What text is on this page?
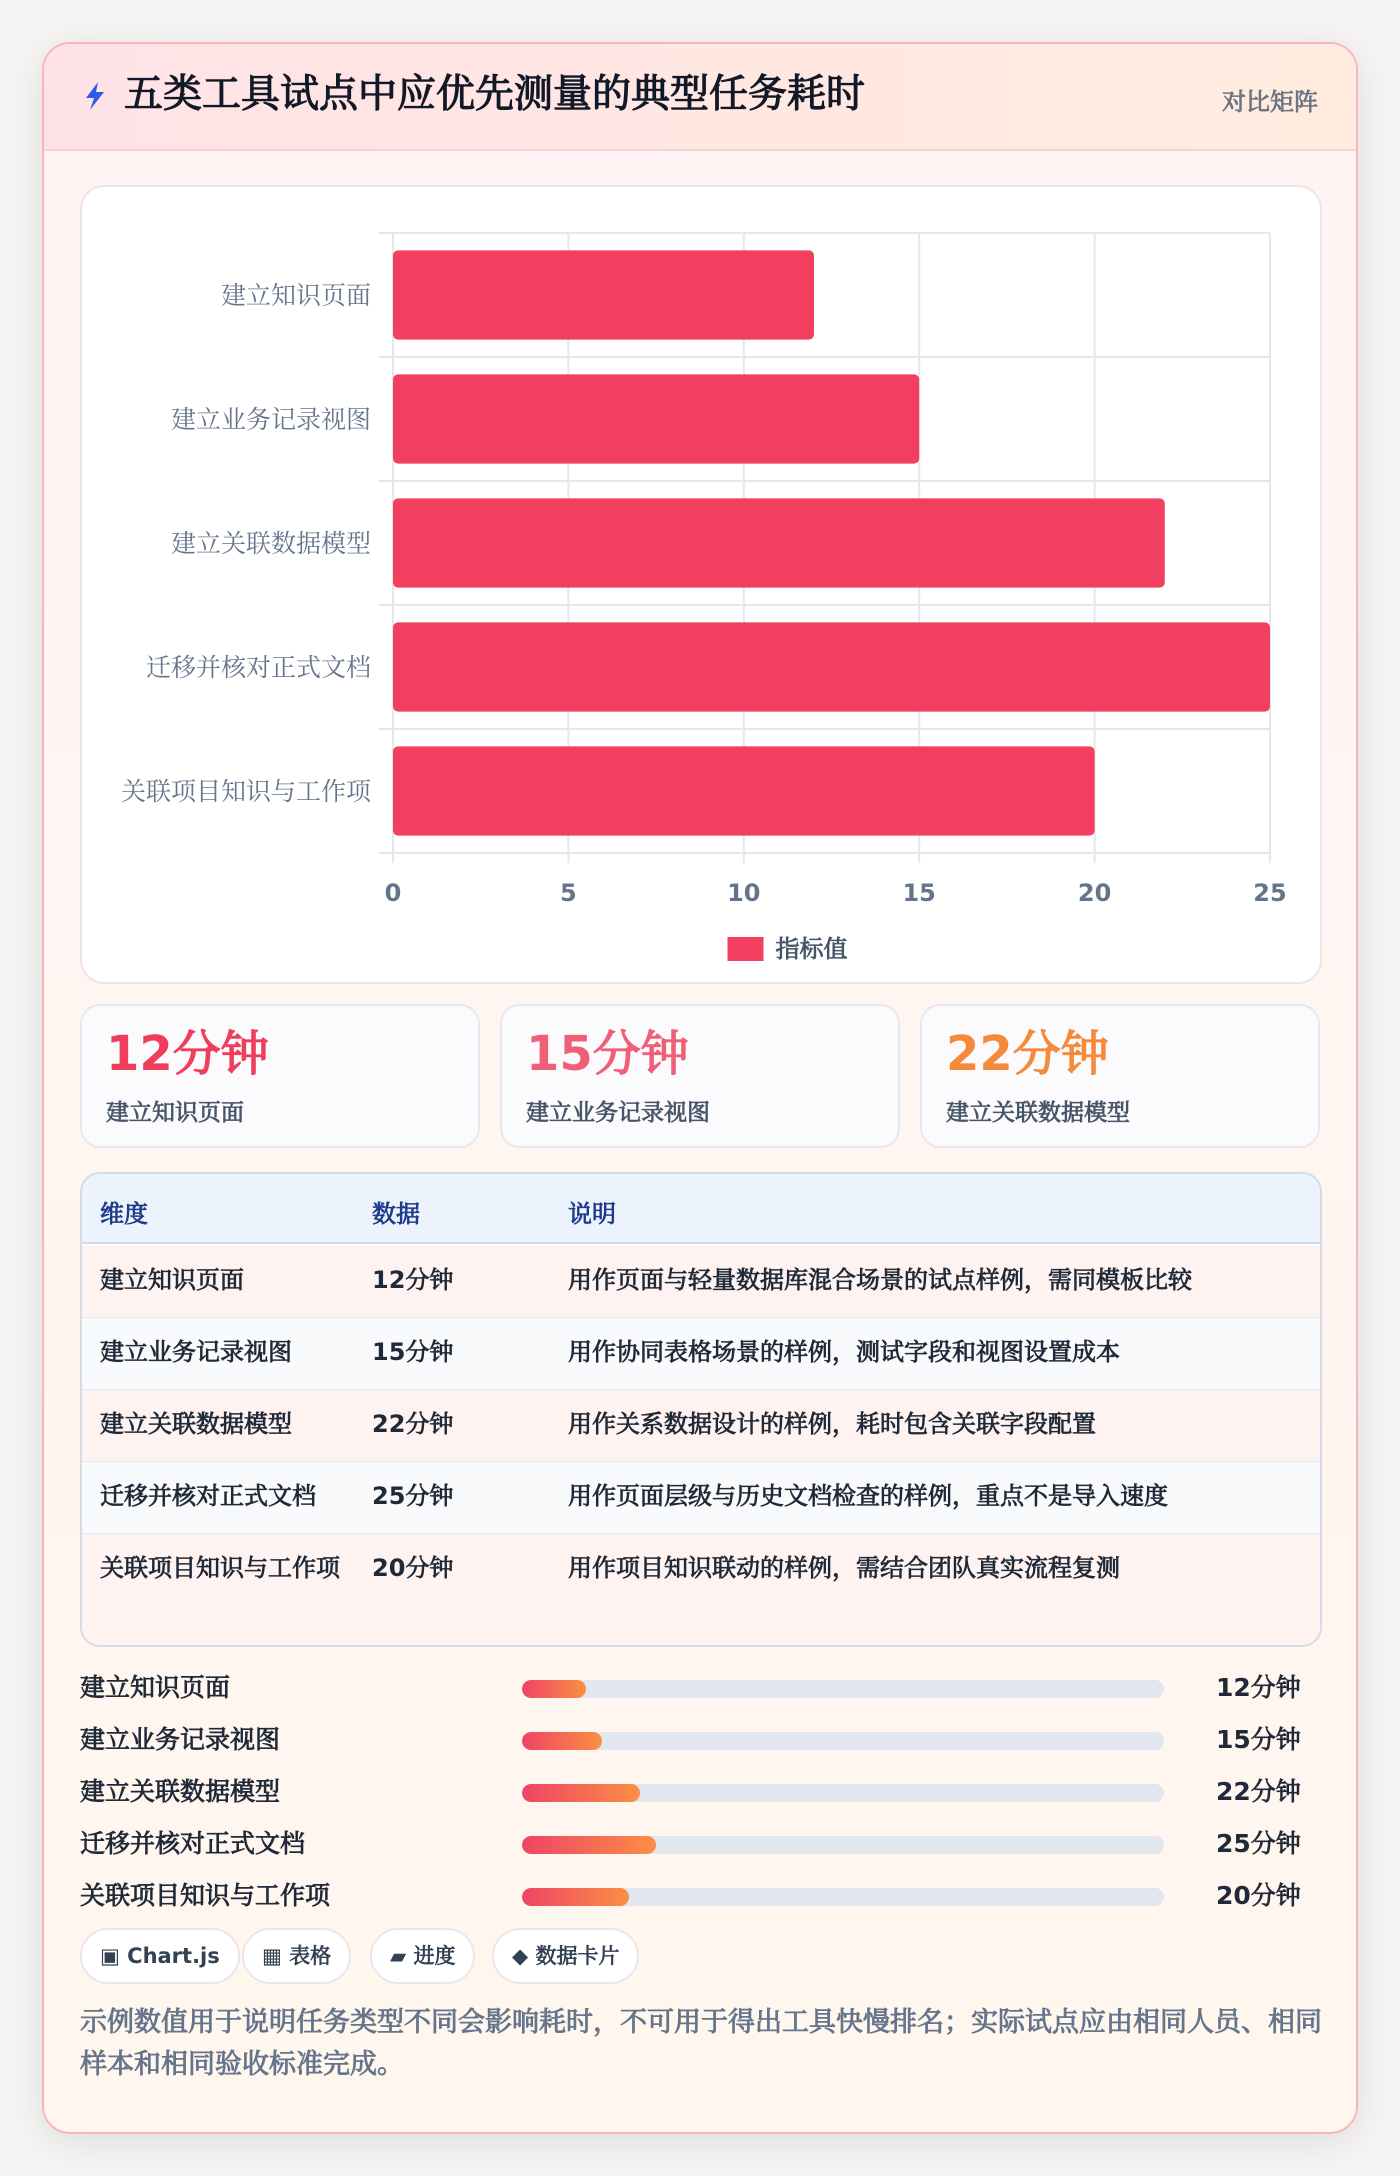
五类工具试点中应优先测量的典型任务耗时	对比矩阵
0	5	10	15	20	25
建立知识页面
建立业务记录视图
建立关联数据模型
迁移并核对正式文档
关联项目知识与工作项
指标值
12分钟
建立知识页面
15分钟
建立业务记录视图
22分钟
建立关联数据模型
维度	数据	说明
建立知识页面	12分钟	用作页面与轻量数据库混合场景的试点样例，需同模板比较
建立业务记录视图	15分钟	用作协同表格场景的样例，测试字段和视图设置成本
建立关联数据模型	22分钟	用作关系数据设计的样例，耗时包含关联字段配置
迁移并核对正式文档	25分钟	用作页面层级与历史文档检查的样例，重点不是导入速度
关联项目知识与工作项	20分钟	用作项目知识联动的样例，需结合团队真实流程复测
建立知识页面	12分钟
建立业务记录视图	15分钟
建立关联数据模型	22分钟
迁移并核对正式文档	25分钟
关联项目知识与工作项	20分钟
▣ Chart.js	▦ 表格	▰ 进度	◆ 数据卡片
示例数值用于说明任务类型不同会影响耗时，不可用于得出工具快慢排名；实际试点应由相同人员、相同样本和相同验收标准完成。
